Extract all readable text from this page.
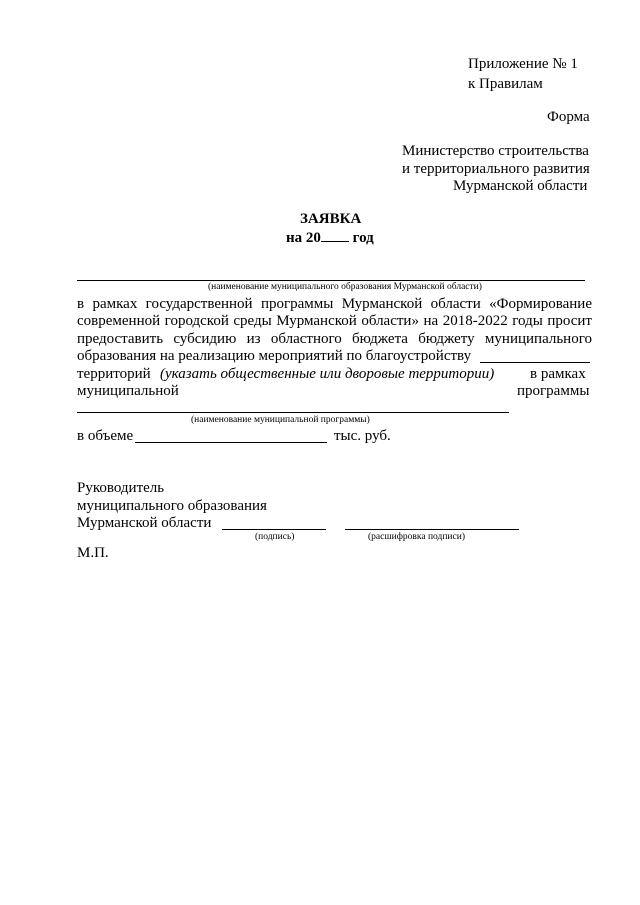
Приложение № 1
к Правилам
Форма
Министерство строительства
и территориального развития
Мурманской области
ЗАЯВКА
на 20 год
(наименование муниципального образования Мурманской области)
в рамках государственной программы Мурманской области «Формирование
современной городской среды Мурманской области» на 2018-2022 годы просит
предоставить субсидию из областного бюджета бюджету муниципального
образования на реализацию мероприятий по благоустройству
территорий (указать общественные или дворовые территории) в рамках
муниципальной	программы
(наименование муниципальной программы)
в объеме	тыс. руб.
Руководитель
муниципального образования
Мурманской области
(подпись)	(расшифровка подписи)
М.П.
